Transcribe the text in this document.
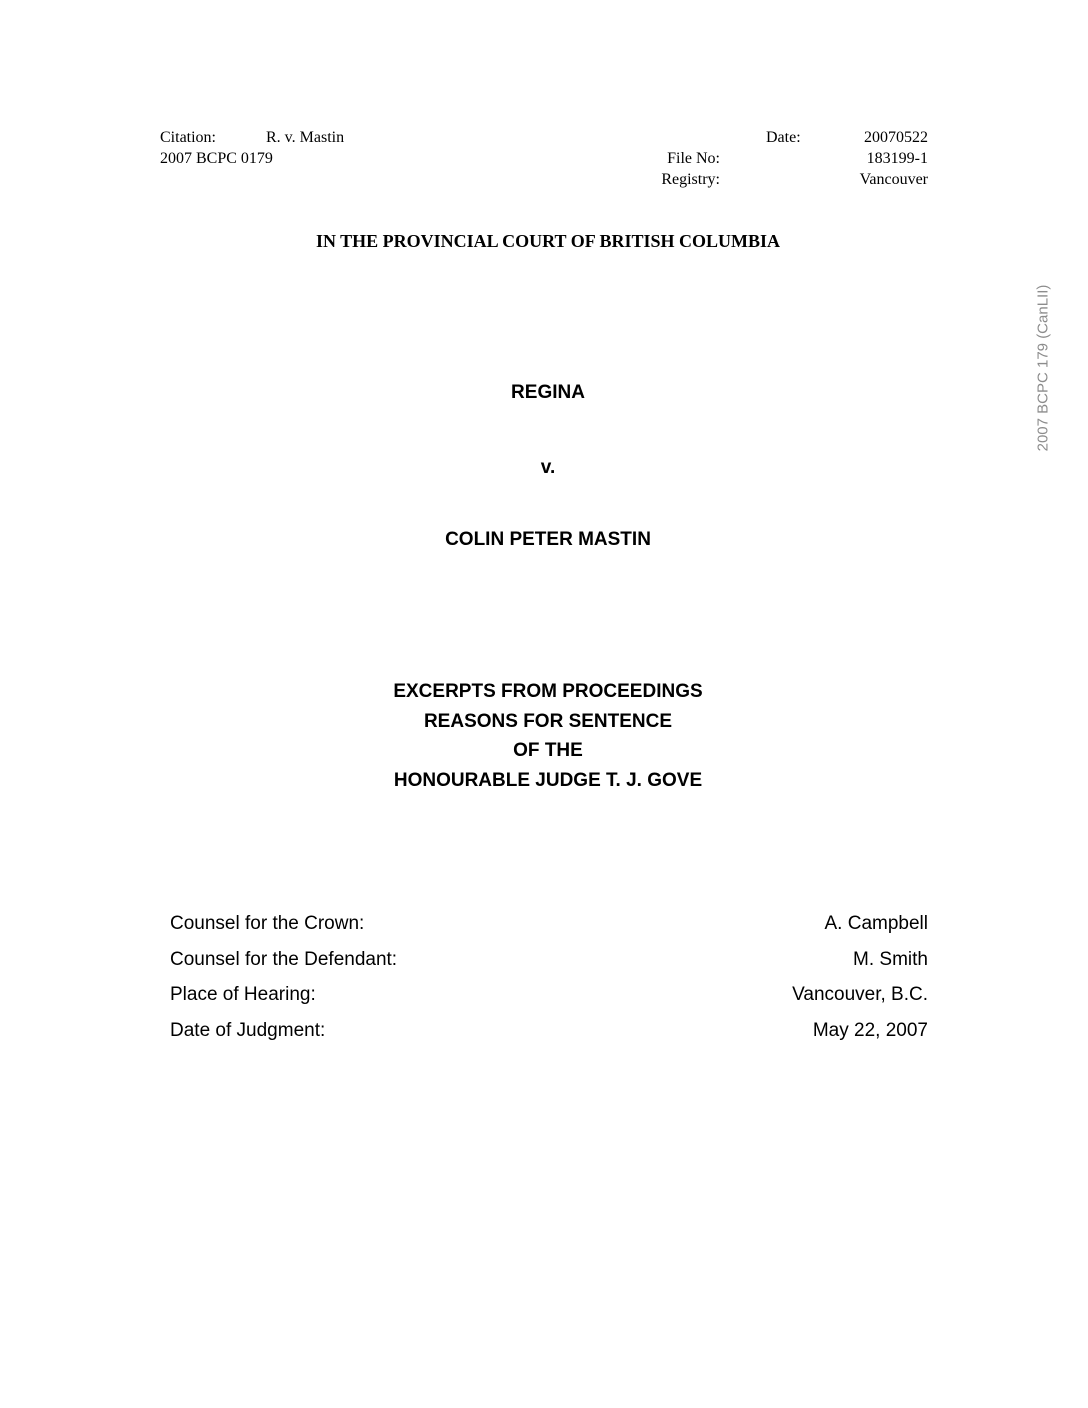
Citation:	R. v. Mastin
2007 BCPC 0179
Date:	20070522
File No:	183199-1
Registry:	Vancouver
IN THE PROVINCIAL COURT OF BRITISH COLUMBIA
REGINA
v.
COLIN PETER MASTIN
EXCERPTS FROM PROCEEDINGS
REASONS FOR SENTENCE
OF THE
HONOURABLE JUDGE T. J. GOVE
Counsel for the Crown:	A. Campbell
Counsel for the Defendant:	M. Smith
Place of Hearing:	Vancouver, B.C.
Date of Judgment:	May 22, 2007
2007 BCPC 179 (CanLII)
